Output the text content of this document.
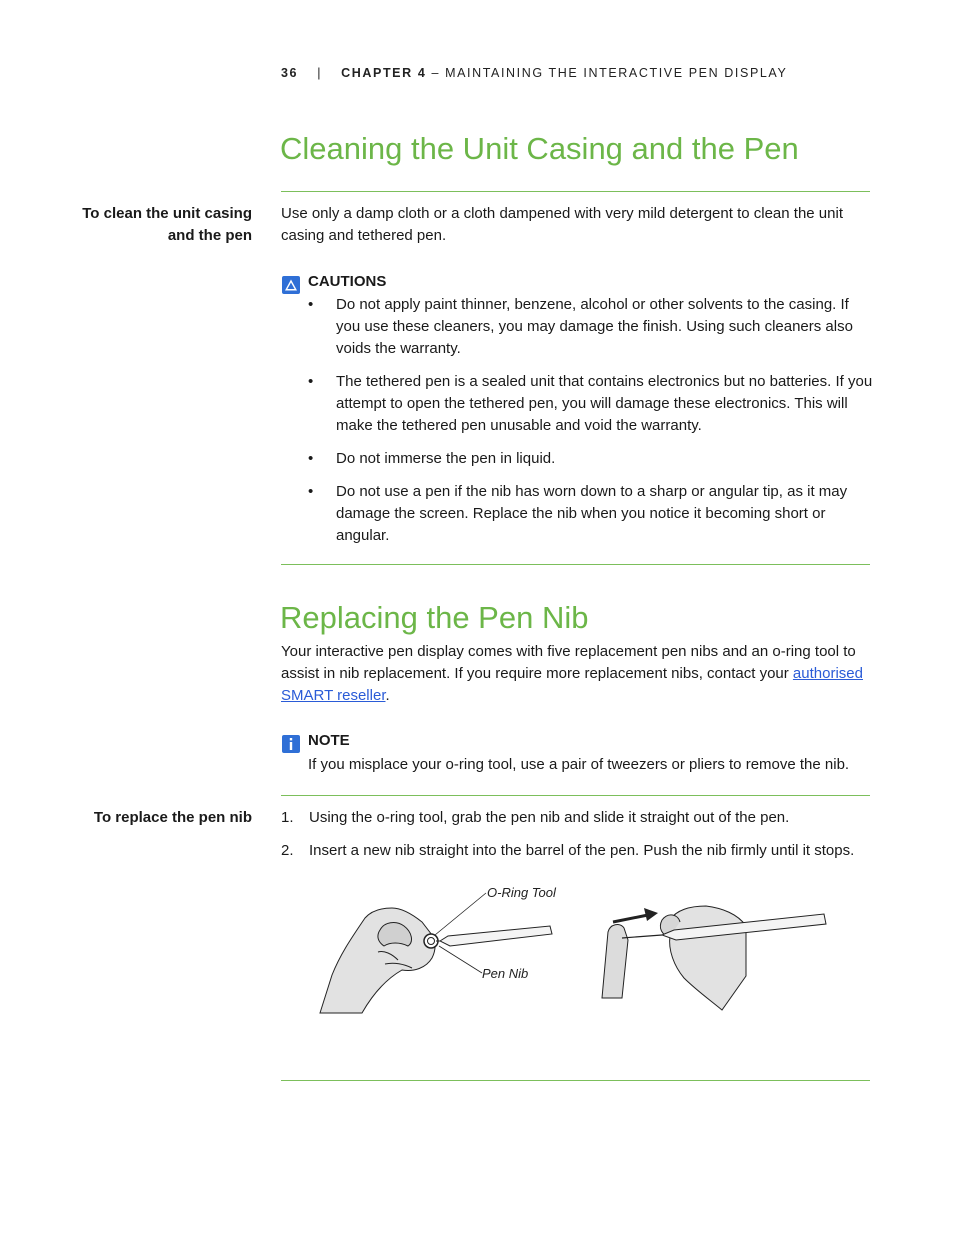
36 | CHAPTER 4 – MAINTAINING THE INTERACTIVE PEN DISPLAY
Cleaning the Unit Casing and the Pen
To clean the unit casing
and the pen
Use only a damp cloth or a cloth dampened with very mild detergent to clean the unit casing and tethered pen.
CAUTIONS
• Do not apply paint thinner, benzene, alcohol or other solvents to the casing. If you use these cleaners, you may damage the finish. Using such cleaners also voids the warranty.
• The tethered pen is a sealed unit that contains electronics but no batteries. If you attempt to open the tethered pen, you will damage these electronics. This will make the tethered pen unusable and void the warranty.
• Do not immerse the pen in liquid.
• Do not use a pen if the nib has worn down to a sharp or angular tip, as it may damage the screen. Replace the nib when you notice it becoming short or angular.
Replacing the Pen Nib
Your interactive pen display comes with five replacement pen nibs and an o-ring tool to assist in nib replacement. If you require more replacement nibs, contact your authorised SMART reseller.
NOTE
If you misplace your o-ring tool, use a pair of tweezers or pliers to remove the nib.
To replace the pen nib 1. Using the o-ring tool, grab the pen nib and slide it straight out of the pen.
2. Insert a new nib straight into the barrel of the pen. Push the nib firmly until it stops.
O-Ring Tool
Pen Nib
